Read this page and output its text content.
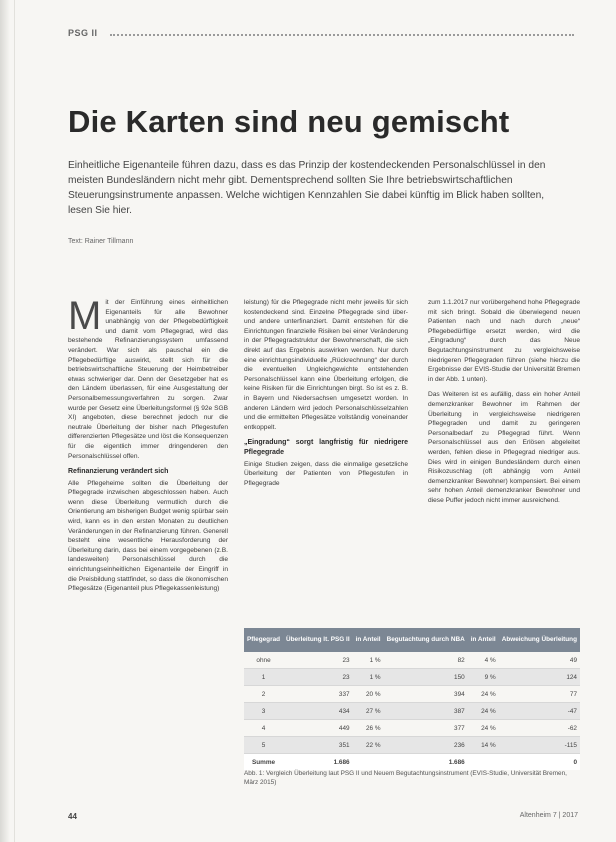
PSG II
Die Karten sind neu gemischt

Einheitliche Eigenanteile führen dazu, dass es das Prinzip der kostendeckenden Personalschlüssel in den meisten Bundesländern nicht mehr gibt. Dementsprechend sollten Sie Ihre betriebswirtschaftlichen Steuerungsinstrumente anpassen. Welche wichtigen Kennzahlen Sie dabei künftig im Blick haben sollten, lesen Sie hier.

Text: Rainer Tillmann

M it der Einführung eines einheitlichen Eigenanteils für alle Bewohner unabhängig von der Pflegebedürftigkeit und damit vom Pflegegrad, wird das bestehende Refinanzierungssystem umfassend verändert. War sich als pauschal ein die Pflegebedürftige auswirkt, stellt sich für die betriebswirtschaftliche Steuerung der Heimbetreiber etwas schwieriger dar. Denn der Gesetzgeber hat es den Ländern überlassen, für eine Ausgestaltung der Personalbemessungsverfahren zu sorgen. Zwar wurde per Gesetz eine Überleitungsformel (§ 92e SGB XI) angeboten, diese berechnet jedoch nur die neutrale Überleitung der bisher nach Pflegestufen differenzierten Pflegesätze und löst die Konsequenzen für die eigentlich immer dringenderen den Personalschlüssel offen.

Refinanzierung verändert sich

Alle Pflegeheime sollten die Überleitung der Pflegegrade inzwischen abgeschlossen haben. Auch wenn diese Überleitung vermutlich durch die Orientierung am bisherigen Budget wenig spürbar sein wird, kann es in den ersten Monaten zu deutlichen Veränderungen in der Refinanzierung führen. Generell besteht eine wesentliche Herausforderung der Überleitung darin, dass bei einem vorgegebenen (z.B. landesweiten) Personalschlüssel durch die einrichtungseinheitlichen Eigenanteile der Eingriff in die Preisbildung stattfindet, so dass die ökonomischen Pflegesätze (Eigenanteil plus Pflegekassenleistung)

leistung) für die Pflegegrade nicht mehr jeweils für sich kostendeckend sind. Einzelne Pflegegrade sind über- und andere unterfinanziert. Damit entstehen für die Einrichtungen finanzielle Risiken bei einer Veränderung in der Pflegegradstruktur der Bewohnerschaft, die sich direkt auf das Ergebnis auswirken werden. Nur durch eine einrichtungsindividuelle „Rückrechnung“ der durch die eventuellen Ungleichgewichte entstehenden Personalschlüssel kann eine Überleitung erfolgen, die keine Risiken für die Einrichtungen birgt. So ist es z. B. in Bayern und Niedersachsen umgesetzt worden. In anderen Ländern wird jedoch Personalschlüsselzahlen und die ermittelten Pflegesätze vollständig voneinander entkoppelt.

„Eingradung“ sorgt langfristig für niedrigere Pflegegrade

Einige Studien zeigen, dass die einmalige gesetzliche Überleitung der Patienten von Pflegestufen in Pflegegrade

zum 1.1.2017 nur vorübergehend hohe Pflegegrade mit sich bringt. Sobald die überwiegend neuen Patienten nach und nach durch „neue“ Pflegebedürftige ersetzt werden, wird die „Eingradung“ durch das Neue Begutachtungsinstrument zu vergleichsweise niedrigeren Pflegegraden führen (siehe hierzu die Ergebnisse der EVIS-Studie der Universität Bremen in der Abb. 1 unten).

Das Weiteren ist es aufällig, dass ein hoher Anteil demenzkranker Bewohner im Rahmen der Überleitung in vergleichsweise niedrigeren Pflegegraden und damit zu geringeren Personalbedarf zu Pflegegrad führt. Wenn Personalschlüssel aus den Erlösen abgeleitet werden, fehlen diese in Pflegegrad niedriger aus. Dies wird in einigen Bundesländern durch einen Risikozuschlag (oft abhängig vom Anteil demenzkranker Bewohner) kompensiert. Bei einem sehr hohen Anteil demenzkranker Bewohner und diese Puffer jedoch nicht immer ausreichend.

Pflegegrad	Überleitung lt. PSG II	in Anteil	Begutachtung durch NBA	in Anteil	Abweichung Überleitung
ohne	23	1 %	82	4 %	49
1	23	1 %	150	9 %	124
2	337	20 %	394	24 %	77
3	434	27 %	387	24 %	-47
4	449	26 %	377	24 %	-62
5	351	22 %	236	14 %	-115
Summe	1.686		1.686		0

Abb. 1: Vergleich Überleitung laut PSG II und Neuem Begutachtungsinstrument (EVIS-Studie, Universität Bremen, März 2015)

44	Altenheim 7 | 2017
